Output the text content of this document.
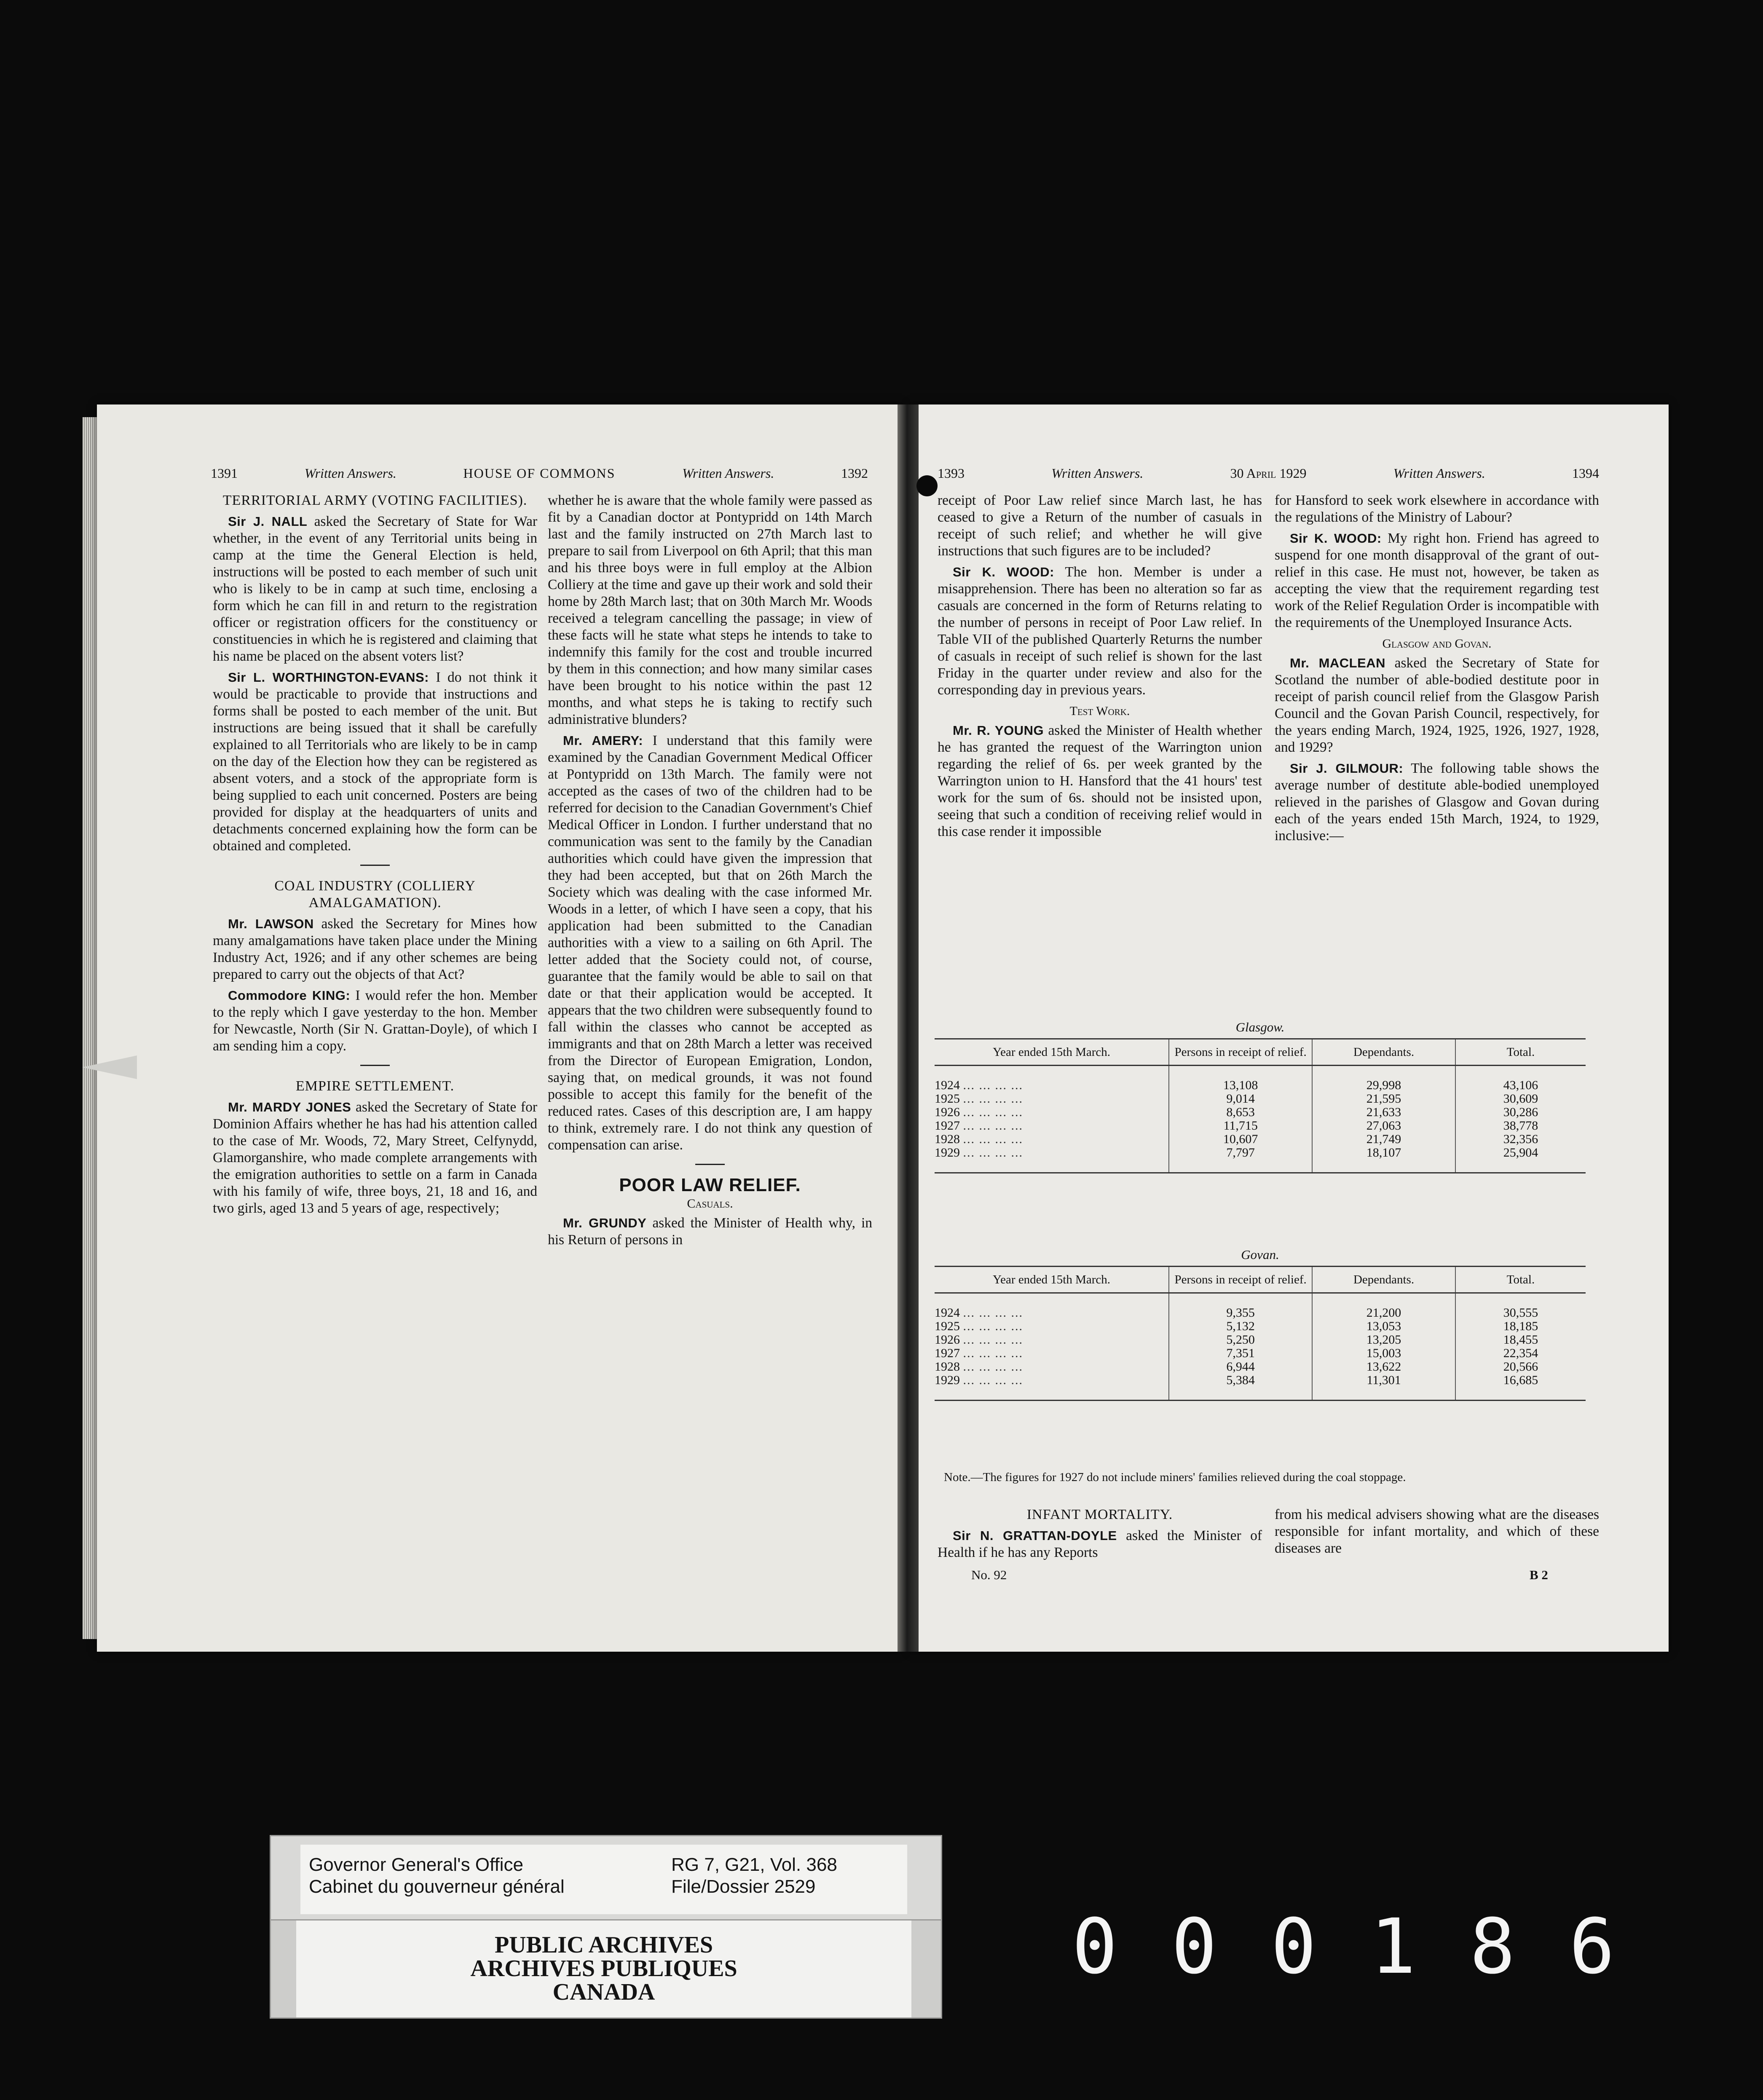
1391	Written Answers.	HOUSE OF COMMONS	Written Answers.	1392	1393	Written Answers.	30 April 1929	Written Answers.	1394
TERRITORIAL ARMY (VOTING FACILITIES).

Sir J. NALL asked the Secretary of State for War whether, in the event of any Territorial units being in camp at the time the General Election is held, instructions will be posted to each member of such unit who is likely to be in camp at such time, enclosing a form which he can fill in and return to the registration officer or registration officers for the constituency or constituencies in which he is registered and claiming that his name be placed on the absent voters list?

Sir L. WORTHINGTON-EVANS: I do not think it would be practicable to provide that instructions and forms shall be posted to each member of the unit. But instructions are being issued that it shall be carefully explained to all Territorials who are likely to be in camp on the day of the Election how they can be registered as absent voters, and a stock of the appropriate form is being supplied to each unit concerned. Posters are being provided for display at the headquarters of units and detachments concerned explaining how the form can be obtained and completed.

COAL INDUSTRY (COLLIERY AMALGAMATION).

Mr. LAWSON asked the Secretary for Mines how many amalgamations have taken place under the Mining Industry Act, 1926; and if any other schemes are being prepared to carry out the objects of that Act?

Commodore KING: I would refer the hon. Member to the reply which I gave yesterday to the hon. Member for Newcastle, North (Sir N. Grattan-Doyle), of which I am sending him a copy.

EMPIRE SETTLEMENT.

Mr. MARDY JONES asked the Secretary of State for Dominion Affairs whether he has had his attention called to the case of Mr. Woods, 72, Mary Street, Celfynydd, Glamorganshire, who made complete arrangements with the emigration authorities to settle on a farm in Canada with his family of wife, three boys, 21, 18 and 16, and two girls, aged 13 and 5 years of age, respectively;

whether he is aware that the whole family were passed as fit by a Canadian doctor at Pontypridd on 14th March last and the family instructed on 27th March last to prepare to sail from Liverpool on 6th April; that this man and his three boys were in full employ at the Albion Colliery at the time and gave up their work and sold their home by 28th March last; that on 30th March Mr. Woods received a telegram cancelling the passage; in view of these facts will he state what steps he intends to take to indemnify this family for the cost and trouble incurred by them in this connection; and how many similar cases have been brought to his notice within the past 12 months, and what steps he is taking to rectify such administrative blunders?

Mr. AMERY: I understand that this family were examined by the Canadian Government Medical Officer at Pontypridd on 13th March. The family were not accepted as the cases of two of the children had to be referred for decision to the Canadian Government's Chief Medical Officer in London. I further understand that no communication was sent to the family by the Canadian authorities which could have given the impression that they had been accepted, but that on 26th March the Society which was dealing with the case informed Mr. Woods in a letter, of which I have seen a copy, that his application had been submitted to the Canadian authorities with a view to a sailing on 6th April. The letter added that the Society could not, of course, guarantee that the family would be able to sail on that date or that their application would be accepted. It appears that the two children were subsequently found to fall within the classes who cannot be accepted as immigrants and that on 28th March a letter was received from the Director of European Emigration, London, saying that, on medical grounds, it was not found possible to accept this family for the benefit of the reduced rates. Cases of this description are, I am happy to think, extremely rare. I do not think any question of compensation can arise.

POOR LAW RELIEF.
Casuals.

Mr. GRUNDY asked the Minister of Health why, in his Return of persons in

receipt of Poor Law relief since March last, he has ceased to give a Return of the number of casuals in receipt of such relief; and whether he will give instructions that such figures are to be included?

Sir K. WOOD: The hon. Member is under a misapprehension. There has been no alteration so far as casuals are concerned in the form of Returns relating to the number of persons in receipt of Poor Law relief. In Table VII of the published Quarterly Returns the number of casuals in receipt of such relief is shown for the last Friday in the quarter under review and also for the corresponding day in previous years.

Test Work.

Mr. R. YOUNG asked the Minister of Health whether he has granted the request of the Warrington union regarding the relief of 6s. per week granted by the Warrington union to H. Hansford that the 41 hours' test work for the sum of 6s. should not be insisted upon, seeing that such a condition of receiving relief would in this case render it impossible

for Hansford to seek work elsewhere in accordance with the regulations of the Ministry of Labour?

Sir K. WOOD: My right hon. Friend has agreed to suspend for one month disapproval of the grant of out-relief in this case. He must not, however, be taken as accepting the view that the requirement regarding test work of the Relief Regulation Order is incompatible with the requirements of the Unemployed Insurance Acts.

Glasgow and Govan.

Mr. MACLEAN asked the Secretary of State for Scotland the number of able-bodied destitute poor in receipt of parish council relief from the Glasgow Parish Council and the Govan Parish Council, respectively, for the years ending March, 1924, 1925, 1926, 1927, 1928, and 1929?

Sir J. GILMOUR: The following table shows the average number of destitute able-bodied unemployed relieved in the parishes of Glasgow and Govan during each of the years ended 15th March, 1924, to 1929, inclusive:—

Glasgow.
Year ended 15th March.	Persons in receipt of relief.	Dependants.	Total.
1924 ... ... ... ...	13,108	29,998	43,106
1925 ... ... ... ...	9,014	21,595	30,609
1926 ... ... ... ...	8,653	21,633	30,286
1927 ... ... ... ...	11,715	27,063	38,778
1928 ... ... ... ...	10,607	21,749	32,356
1929 ... ... ... ...	7,797	18,107	25,904
Govan.
Year ended 15th March.	Persons in receipt of relief.	Dependants.	Total.
1924 ... ... ... ...	9,355	21,200	30,555
1925 ... ... ... ...	5,132	13,053	18,185
1926 ... ... ... ...	5,250	13,205	18,455
1927 ... ... ... ...	7,351	15,003	22,354
1928 ... ... ... ...	6,944	13,622	20,566
1929 ... ... ... ...	5,384	11,301	16,685
Note.—The figures for 1927 do not include miners' families relieved during the coal stoppage.
INFANT MORTALITY.

Sir N. GRATTAN-DOYLE asked the Minister of Health if he has any Reports

from his medical advisers showing what are the diseases responsible for infant mortality, and which of these diseases are

No. 92	B 2
Governor General's Office
Cabinet du gouverneur général
RG 7, G21, Vol. 368
File/Dossier 2529
PUBLIC ARCHIVES
ARCHIVES PUBLIQUES
CANADA
0 0 0 1 8 6
